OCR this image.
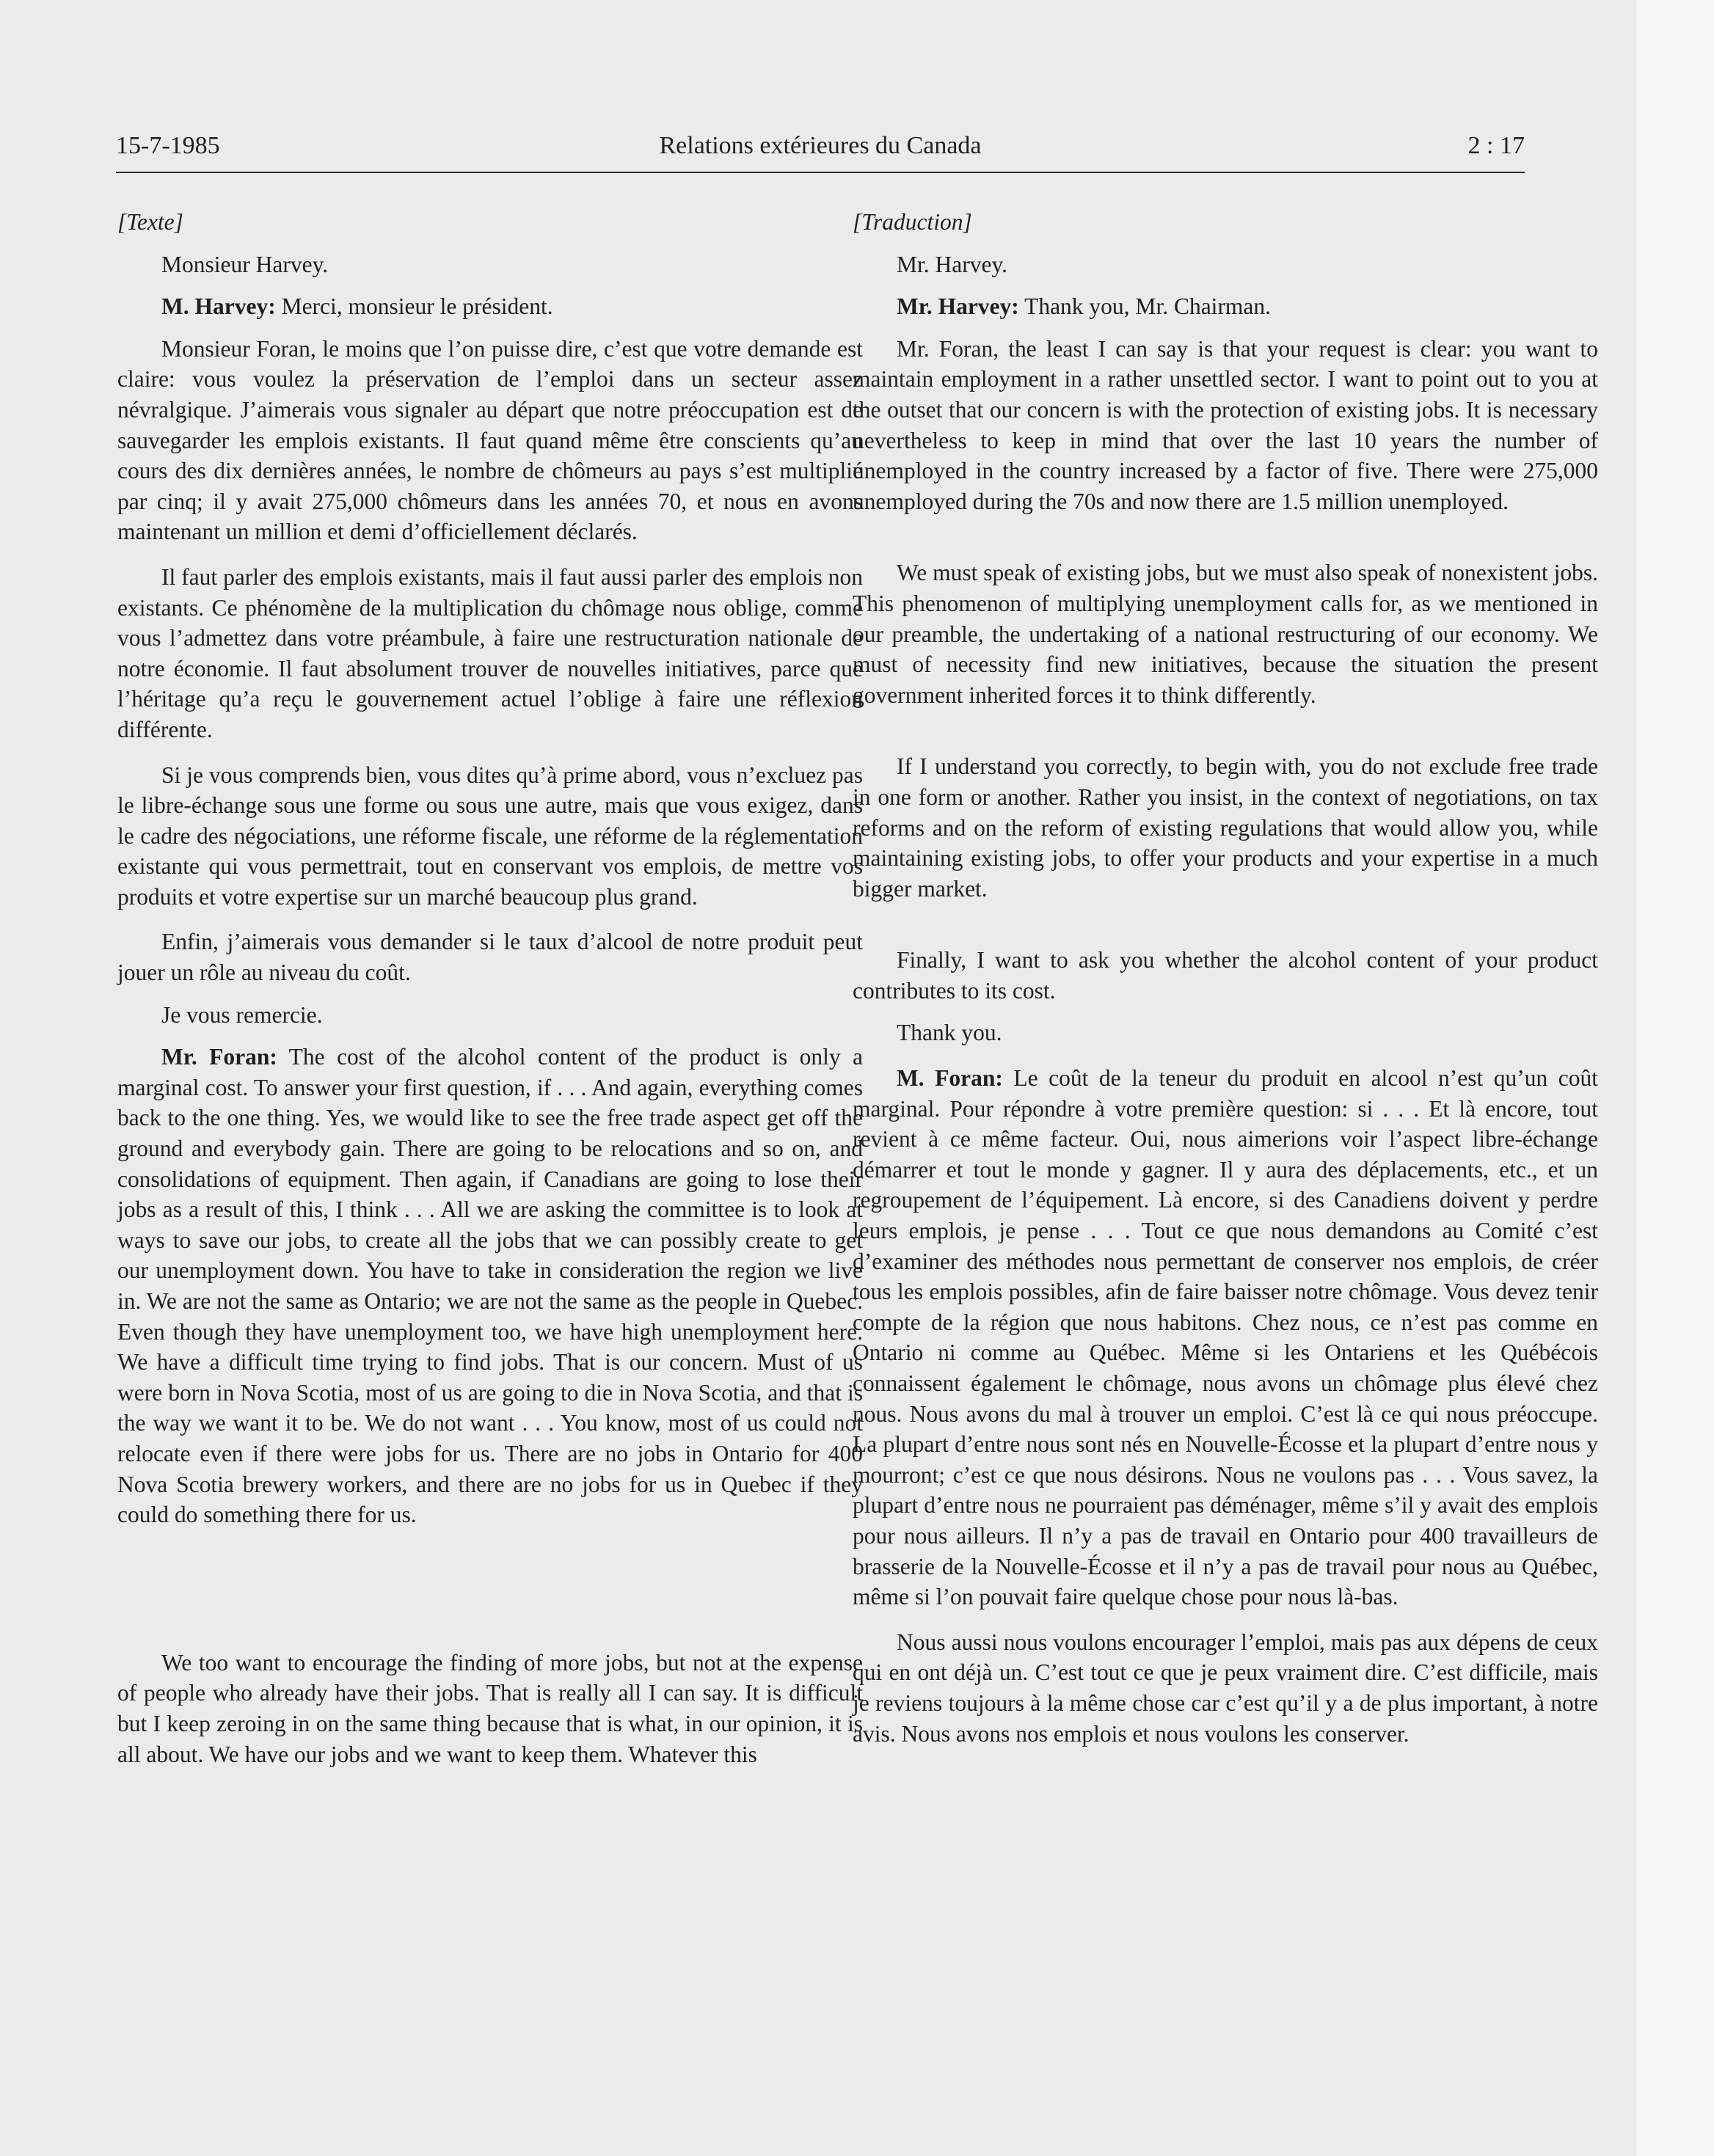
15-7-1985	Relations extérieures du Canada	2 : 17

[Texte]

Monsieur Harvey.

M. Harvey: Merci, monsieur le président.

Monsieur Foran, le moins que l’on puisse dire, c’est que votre demande est claire: vous voulez la préservation de l’emploi dans un secteur assez névralgique. J’aimerais vous signaler au départ que notre préoccupation est de sauvegarder les emplois existants. Il faut quand même être conscients qu’au cours des dix dernières années, le nombre de chômeurs au pays s’est multiplié par cinq; il y avait 275,000 chômeurs dans les années 70, et nous en avons maintenant un million et demi d’officiellement déclarés.

Il faut parler des emplois existants, mais il faut aussi parler des emplois non existants. Ce phénomène de la multiplication du chômage nous oblige, comme vous l’admettez dans votre préambule, à faire une restructuration nationale de notre économie. Il faut absolument trouver de nouvelles initiatives, parce que l’héritage qu’a reçu le gouvernement actuel l’oblige à faire une réflexion différente.

Si je vous comprends bien, vous dites qu’à prime abord, vous n’excluez pas le libre-échange sous une forme ou sous une autre, mais que vous exigez, dans le cadre des négociations, une réforme fiscale, une réforme de la réglementation existante qui vous permettrait, tout en conservant vos emplois, de mettre vos produits et votre expertise sur un marché beaucoup plus grand.

Enfin, j’aimerais vous demander si le taux d’alcool de notre produit peut jouer un rôle au niveau du coût.

Je vous remercie.

Mr. Foran: The cost of the alcohol content of the product is only a marginal cost. To answer your first question, if . . . And again, everything comes back to the one thing. Yes, we would like to see the free trade aspect get off the ground and everybody gain. There are going to be relocations and so on, and consolidations of equipment. Then again, if Canadians are going to lose their jobs as a result of this, I think . . . All we are asking the committee is to look at ways to save our jobs, to create all the jobs that we can possibly create to get our unemployment down. You have to take in consideration the region we live in. We are not the same as Ontario; we are not the same as the people in Quebec. Even though they have unemployment too, we have high unemployment here. We have a difficult time trying to find jobs. That is our concern. Must of us were born in Nova Scotia, most of us are going to die in Nova Scotia, and that is the way we want it to be. We do not want . . . You know, most of us could not relocate even if there were jobs for us. There are no jobs in Ontario for 400 Nova Scotia brewery workers, and there are no jobs for us in Quebec if they could do something there for us.

We too want to encourage the finding of more jobs, but not at the expense of people who already have their jobs. That is really all I can say. It is difficult but I keep zeroing in on the same thing because that is what, in our opinion, it is all about. We have our jobs and we want to keep them. Whatever this

[Traduction]

Mr. Harvey.

Mr. Harvey: Thank you, Mr. Chairman.

Mr. Foran, the least I can say is that your request is clear: you want to maintain employment in a rather unsettled sector. I want to point out to you at the outset that our concern is with the protection of existing jobs. It is necessary nevertheless to keep in mind that over the last 10 years the number of unemployed in the country increased by a factor of five. There were 275,000 unemployed during the 70s and now there are 1.5 million unemployed.

We must speak of existing jobs, but we must also speak of nonexistent jobs. This phenomenon of multiplying unemployment calls for, as we mentioned in our preamble, the undertaking of a national restructuring of our economy. We must of necessity find new initiatives, because the situation the present government inherited forces it to think differently.

If I understand you correctly, to begin with, you do not exclude free trade in one form or another. Rather you insist, in the context of negotiations, on tax reforms and on the reform of existing regulations that would allow you, while maintaining existing jobs, to offer your products and your expertise in a much bigger market.

Finally, I want to ask you whether the alcohol content of your product contributes to its cost.

Thank you.

M. Foran: Le coût de la teneur du produit en alcool n’est qu’un coût marginal. Pour répondre à votre première question: si . . . Et là encore, tout revient à ce même facteur. Oui, nous aimerions voir l’aspect libre-échange démarrer et tout le monde y gagner. Il y aura des déplacements, etc., et un regroupement de l’équipement. Là encore, si des Canadiens doivent y perdre leurs emplois, je pense . . . Tout ce que nous demandons au Comité c’est d’examiner des méthodes nous permettant de conserver nos emplois, de créer tous les emplois possibles, afin de faire baisser notre chômage. Vous devez tenir compte de la région que nous habitons. Chez nous, ce n’est pas comme en Ontario ni comme au Québec. Même si les Ontariens et les Québécois connaissent également le chômage, nous avons un chômage plus élevé chez nous. Nous avons du mal à trouver un emploi. C’est là ce qui nous préoccupe. La plupart d’entre nous sont nés en Nouvelle-Écosse et la plupart d’entre nous y mourront; c’est ce que nous désirons. Nous ne voulons pas . . . Vous savez, la plupart d’entre nous ne pourraient pas déménager, même s’il y avait des emplois pour nous ailleurs. Il n’y a pas de travail en Ontario pour 400 travailleurs de brasserie de la Nouvelle-Écosse et il n’y a pas de travail pour nous au Québec, même si l’on pouvait faire quelque chose pour nous là-bas.

Nous aussi nous voulons encourager l’emploi, mais pas aux dépens de ceux qui en ont déjà un. C’est tout ce que je peux vraiment dire. C’est difficile, mais je reviens toujours à la même chose car c’est qu’il y a de plus important, à notre avis. Nous avons nos emplois et nous voulons les conserver.
